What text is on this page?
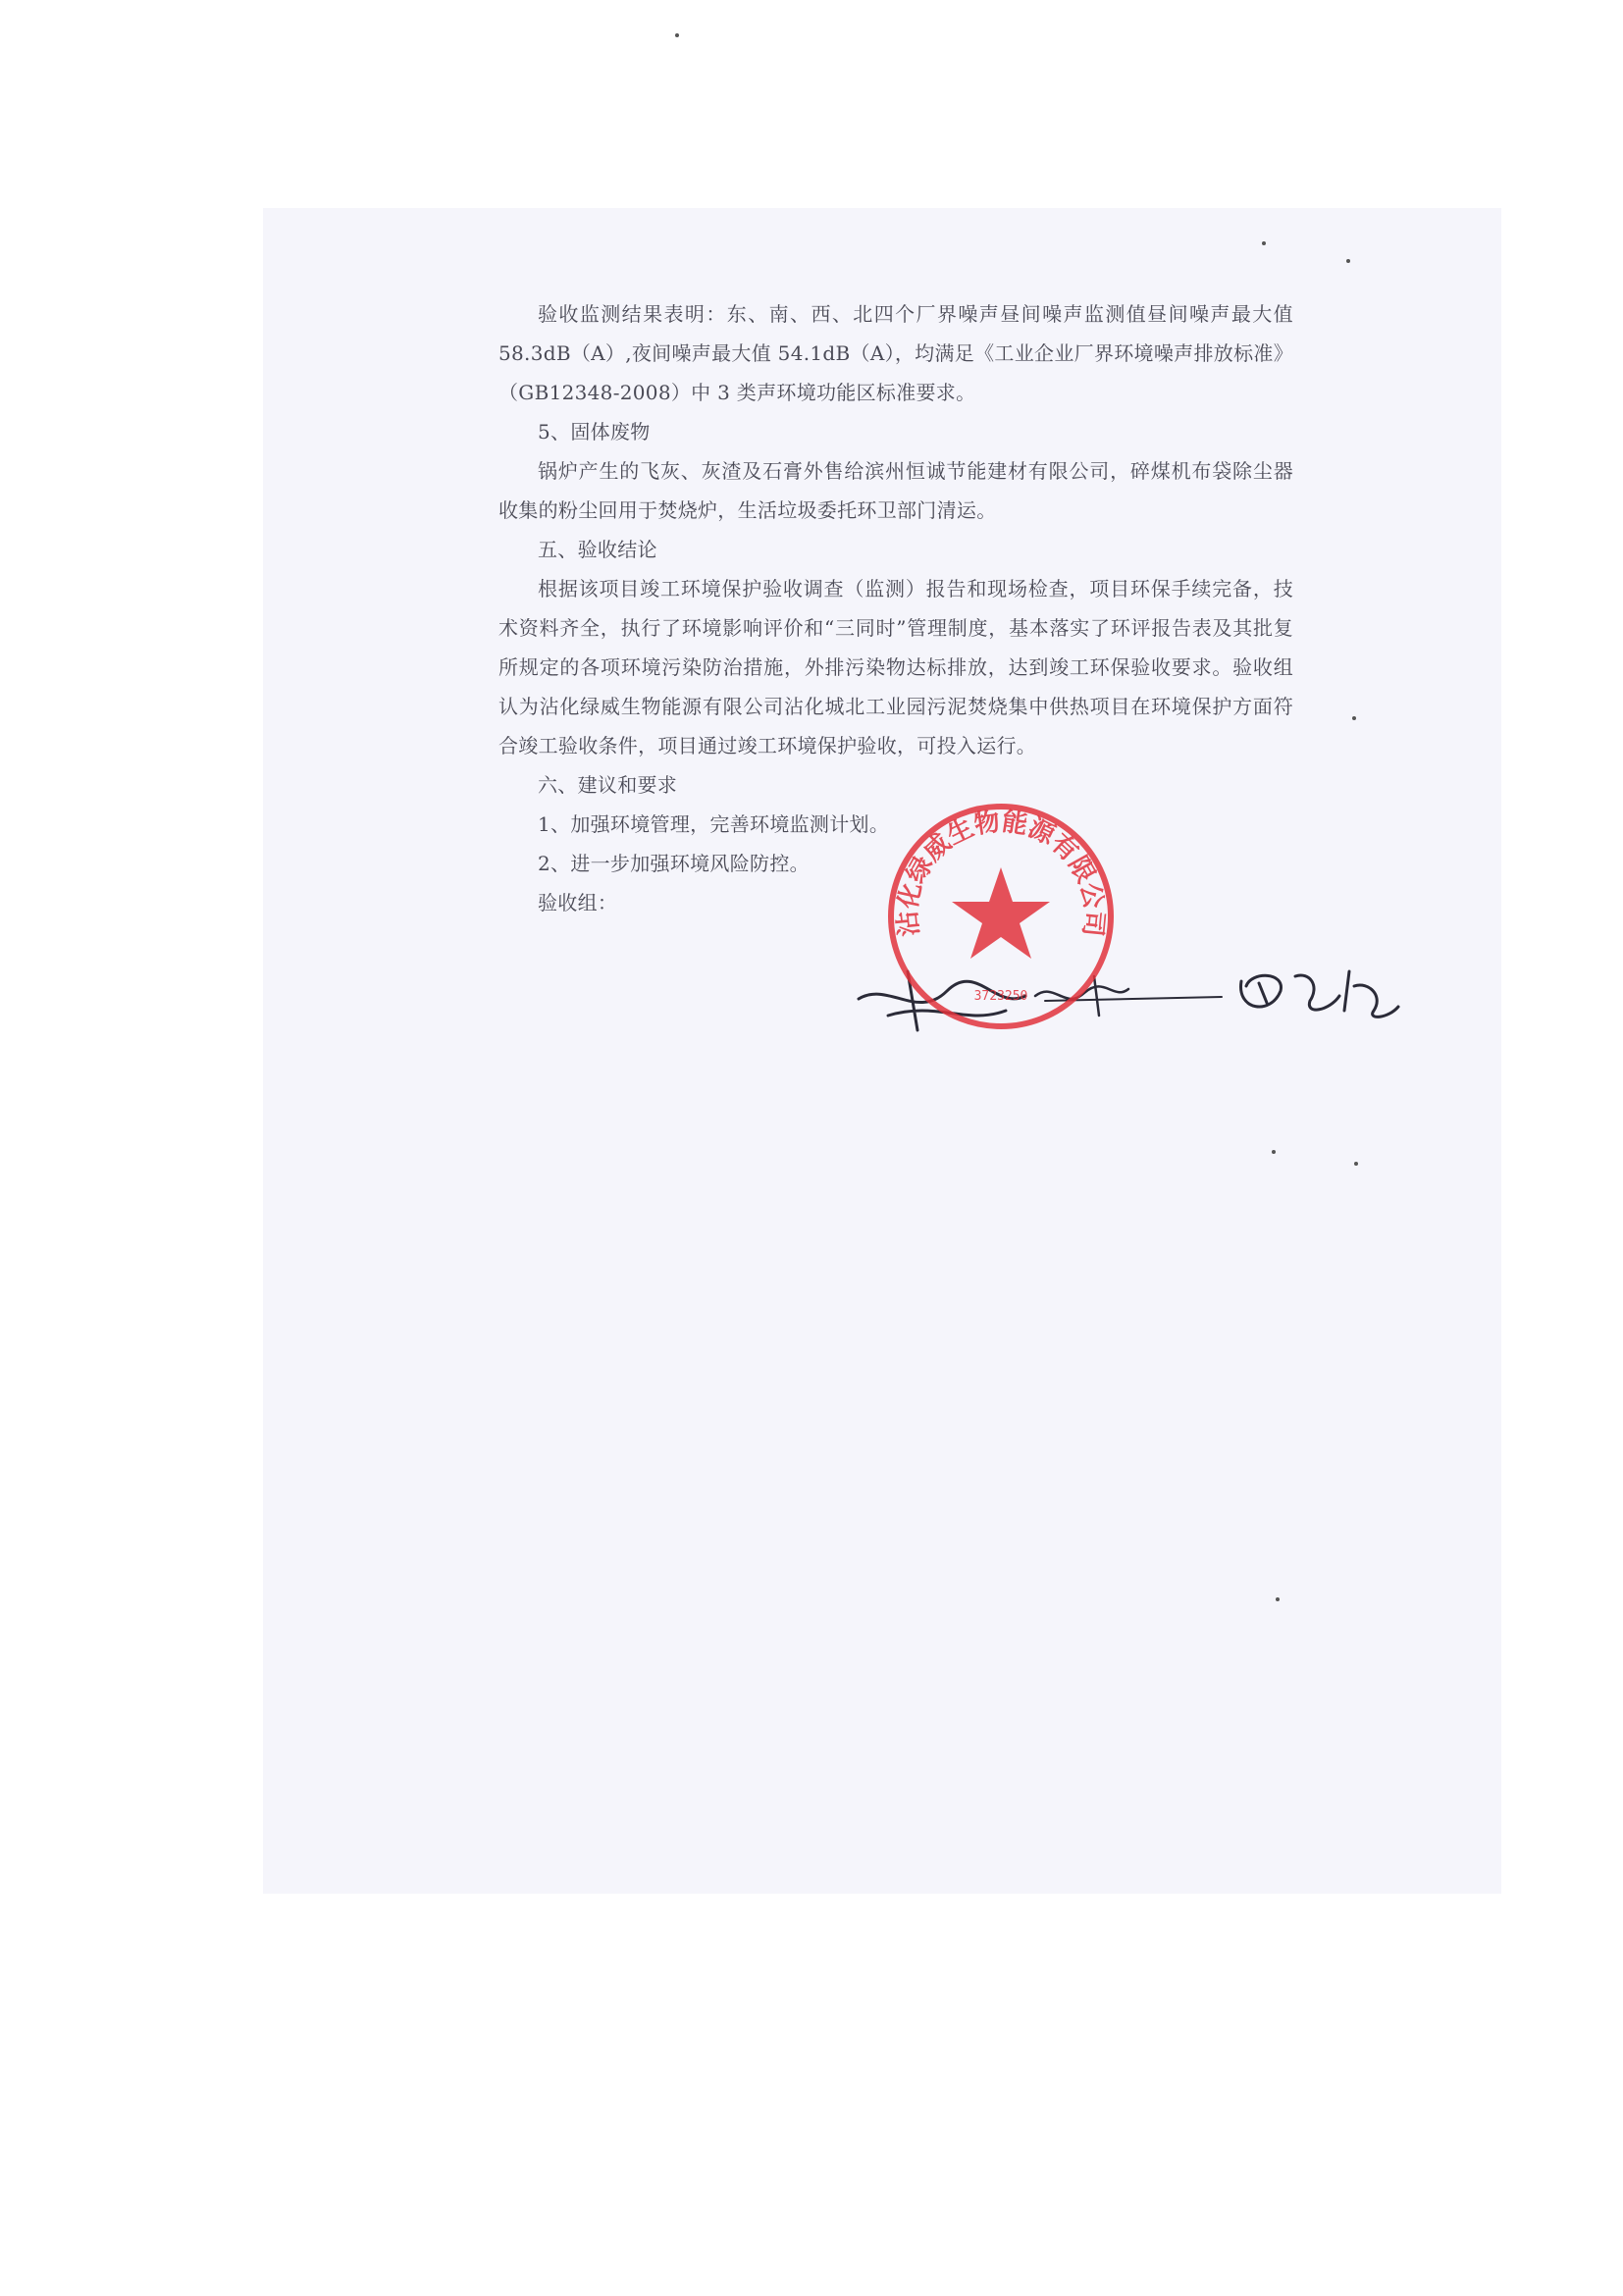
验收监测结果表明：东、南、西、北四个厂界噪声昼间噪声监测值昼间噪声最大值 58.3dB（A）,夜间噪声最大值 54.1dB（A），均满足《工业企业厂界环境噪声排放标准》（GB12348-2008）中 3 类声环境功能区标准要求。

5、固体废物

锅炉产生的飞灰、灰渣及石膏外售给滨州恒诚节能建材有限公司，碎煤机布袋除尘器收集的粉尘回用于焚烧炉，生活垃圾委托环卫部门清运。

五、验收结论

根据该项目竣工环境保护验收调查（监测）报告和现场检查，项目环保手续完备，技术资料齐全，执行了环境影响评价和“三同时”管理制度，基本落实了环评报告表及其批复所规定的各项环境污染防治措施，外排污染物达标排放，达到竣工环保验收要求。验收组认为沾化绿威生物能源有限公司沾化城北工业园污泥焚烧集中供热项目在环境保护方面符合竣工验收条件，项目通过竣工环境保护验收，可投入运行。

六、建议和要求

1、加强环境管理，完善环境监测计划。

2、进一步加强环境风险防控。

验收组：

沾化绿威生物能源有限公司
3723250
